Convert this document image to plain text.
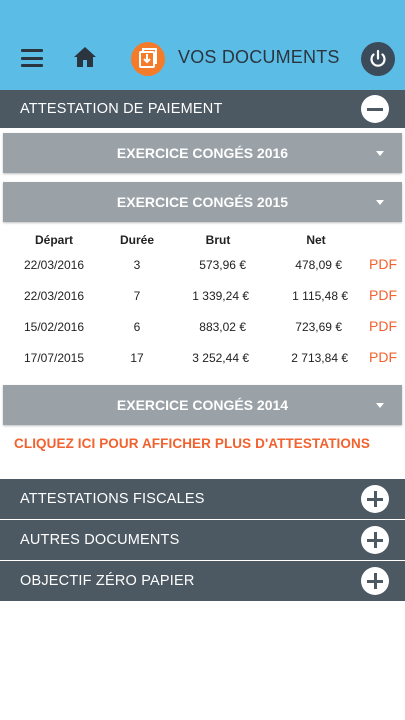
VOS DOCUMENTS
ATTESTATION DE PAIEMENT
EXERCICE CONGÉS 2016
EXERCICE CONGÉS 2015
Départ	Durée	Brut	Net
22/03/2016	3	573,96 €	478,09 € PDF
22/03/2016	7	1 339,24 €	1 115,48 € PDF
15/02/2016	6	883,02 €	723,69 € PDF
17/07/2015	17	3 252,44 €	2 713,84 € PDF
EXERCICE CONGÉS 2014
CLIQUEZ ICI POUR AFFICHER PLUS D'ATTESTATIONS
ATTESTATIONS FISCALES
AUTRES DOCUMENTS
OBJECTIF ZÉRO PAPIER
